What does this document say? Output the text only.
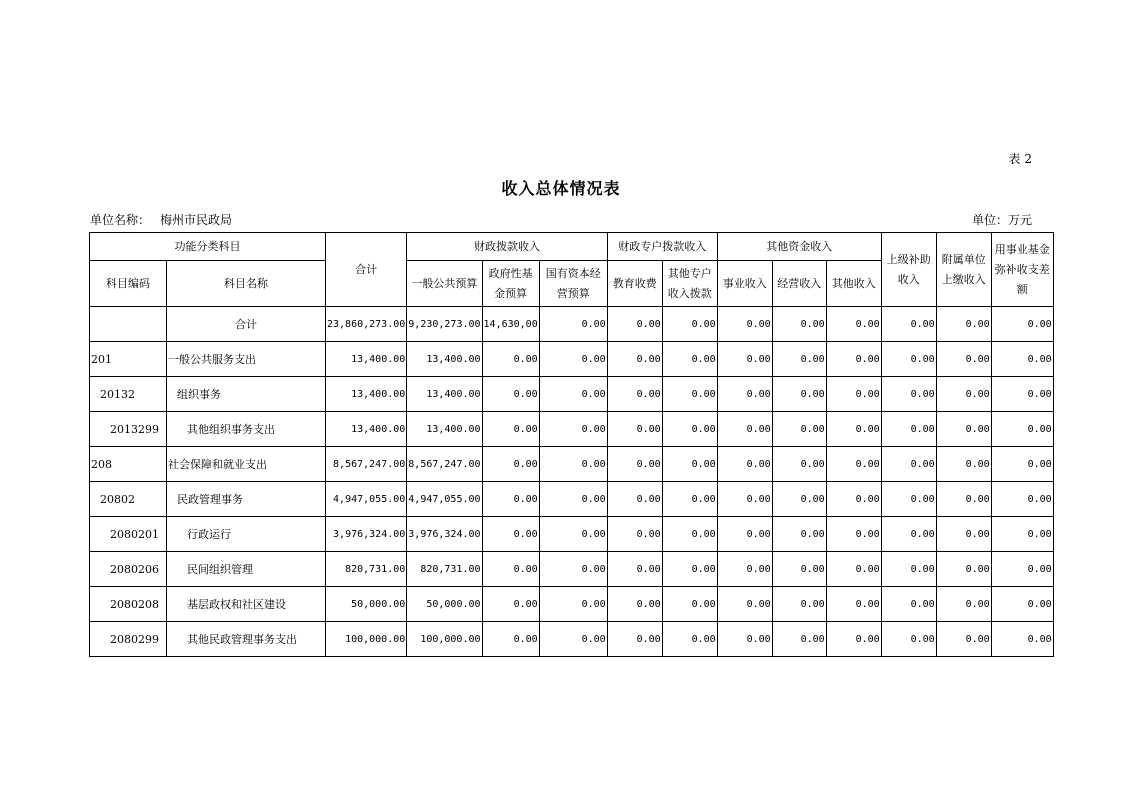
表 2
收入总体情况表
单位名称： 梅州市民政局	单位：万元
功能分类科目		合计	财政拨款收入			财政专户拨款收入		其他资金收入			上级补助收入	附属单位上缴收入	用事业基金弥补收支差额
科目编码	科目名称		一般公共预算	政府性基金预算	国有资本经营预算	教育收费	其他专户收入拨款	事业收入	经营收入	其他收入			
	合计	23,860,273.00	9,230,273.00	14,630,00	0.00	0.00	0.00	0.00	0.00	0.00	0.00	0.00	0.00
201	一般公共服务支出	13,400.00	13,400.00	0.00	0.00	0.00	0.00	0.00	0.00	0.00	0.00	0.00	0.00
20132	组织事务	13,400.00	13,400.00	0.00	0.00	0.00	0.00	0.00	0.00	0.00	0.00	0.00	0.00
2013299	其他组织事务支出	13,400.00	13,400.00	0.00	0.00	0.00	0.00	0.00	0.00	0.00	0.00	0.00	0.00
208	社会保障和就业支出	8,567,247.00	8,567,247.00	0.00	0.00	0.00	0.00	0.00	0.00	0.00	0.00	0.00	0.00
20802	民政管理事务	4,947,055.00	4,947,055.00	0.00	0.00	0.00	0.00	0.00	0.00	0.00	0.00	0.00	0.00
2080201	行政运行	3,976,324.00	3,976,324.00	0.00	0.00	0.00	0.00	0.00	0.00	0.00	0.00	0.00	0.00
2080206	民间组织管理	820,731.00	820,731.00	0.00	0.00	0.00	0.00	0.00	0.00	0.00	0.00	0.00	0.00
2080208	基层政权和社区建设	50,000.00	50,000.00	0.00	0.00	0.00	0.00	0.00	0.00	0.00	0.00	0.00	0.00
2080299	其他民政管理事务支出	100,000.00	100,000.00	0.00	0.00	0.00	0.00	0.00	0.00	0.00	0.00	0.00	0.00
